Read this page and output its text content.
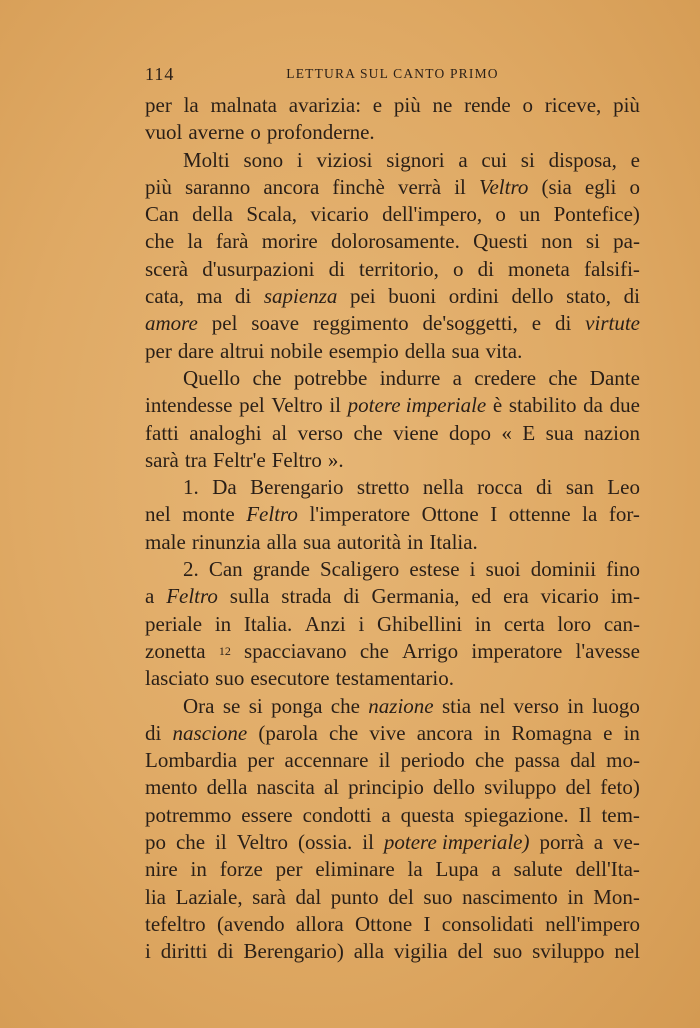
114	LETTURA SUL CANTO PRIMO
per la malnata avarizia: e più ne rende o riceve, più
vuol averne o profonderne.
Molti sono i viziosi signori a cui si disposa, e
più saranno ancora finchè verrà il Veltro (sia egli o
Can della Scala, vicario dell'impero, o un Pontefice)
che la farà morire dolorosamente. Questi non si pa-
scerà d'usurpazioni di territorio, o di moneta falsifi-
cata, ma di sapienza pei buoni ordini dello stato, di
amore pel soave reggimento de'soggetti, e di virtute
per dare altrui nobile esempio della sua vita.
Quello che potrebbe indurre a credere che Dante
intendesse pel Veltro il potere imperiale è stabilito da due
fatti analoghi al verso che viene dopo « E sua nazion
sarà tra Feltr'e Feltro ».
1. Da Berengario stretto nella rocca di san Leo
nel monte Feltro l'imperatore Ottone I ottenne la for-
male rinunzia alla sua autorità in Italia.
2. Can grande Scaligero estese i suoi dominii fino
a Feltro sulla strada di Germania, ed era vicario im-
periale in Italia. Anzi i Ghibellini in certa loro can-
zonetta 12 spacciavano che Arrigo imperatore l'avesse
lasciato suo esecutore testamentario.
Ora se si ponga che nazione stia nel verso in luogo
di nascione (parola che vive ancora in Romagna e in
Lombardia per accennare il periodo che passa dal mo-
mento della nascita al principio dello sviluppo del feto)
potremmo essere condotti a questa spiegazione. Il tem-
po che il Veltro (ossia. il potere imperiale) porrà a ve-
nire in forze per eliminare la Lupa a salute dell'Ita-
lia Laziale, sarà dal punto del suo nascimento in Mon-
tefeltro (avendo allora Ottone I consolidati nell'impero
i diritti di Berengario) alla vigilia del suo sviluppo nel
